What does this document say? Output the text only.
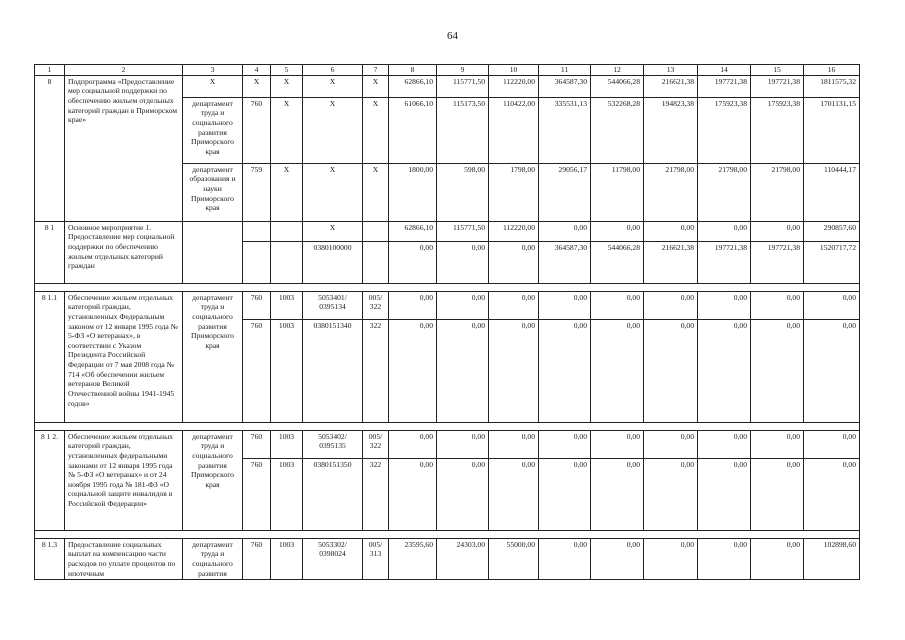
64
1	2	3	4	5	6	7	8	9	10	11	12	13	14	15	16
8	Подпрограмма «Предоставление мер социальной поддержки по обеспечению жильем отдельных категорий граждан в Приморском крае»	X	X	X	X	X	62866,10	115771,50	112220,00	364587,30	544066,28	216621,38	197721,38	197721,38	1811575,32
		департамент труда и социального развития Приморского края	760	X	X	X	61066,10	115173,50	110422,00	335531,13	532268,28	194823,38	175923,38	175923,38	1701131,15
		департамент образования и науки Приморского края	759	X	X	X	1800,00	598,00	1798,00	29056,17	11798,00	21798,00	21798,00	21798,00	110444,17
8 1	Основное мероприятие 1. Предоставление мер социальной поддержки по обеспечению жильем отдельных категорий граждан				X		62866,10	115771,50	112220,00	0,00	0,00	0,00	0,00	0,00	290857,60
					0380100000		0,00	0,00	0,00	364587,30	544066,28	216621,38	197721,38	197721,38	1520717,72

8 1.1	Обеспечение жильем отдельных категорий граждан, установленных Федеральным законом от 12 января 1995 года № 5-ФЗ «О ветеранах», в соответствии с Указом Президента Российской Федерации от 7 мая 2008 года № 714 «Об обеспечении жильем ветеранов Великой Отечественной войны 1941-1945 годов»	департамент труда и социального развития Приморского края	760	1003	5053401/ 0395134	005/ 322	0,00	0,00	0,00	0,00	0,00	0,00	0,00	0,00	0,00
			760	1003	0380151340	322	0,00	0,00	0,00	0,00	0,00	0,00	0,00	0,00	0,00

8 1 2.	Обеспечение жильем отдельных категорий граждан, установленных федеральными законами от 12 января 1995 года № 5-ФЗ «О ветеранах» и от 24 ноября 1995 года № 181-ФЗ «О социальной защите инвалидов в Российской Федерации»	департамент труда и социального развития Приморского края	760	1003	5053402/ 0395135	005/ 322	0,00	0,00	0,00	0,00	0,00	0,00	0,00	0,00	0,00
			760	1003	0380151350	322	0,00	0,00	0,00	0,00	0,00	0,00	0,00	0,00	0,00

8 1.3	Предоставление социальных выплат на компенсацию части расходов по уплате процентов по ипотечным	департамент труда и социального развития	760	1003	5053302/ 0398024	005/ 313	23595,60	24303,00	55000,00	0,00	0,00	0,00	0,00	0,00	102898,60
